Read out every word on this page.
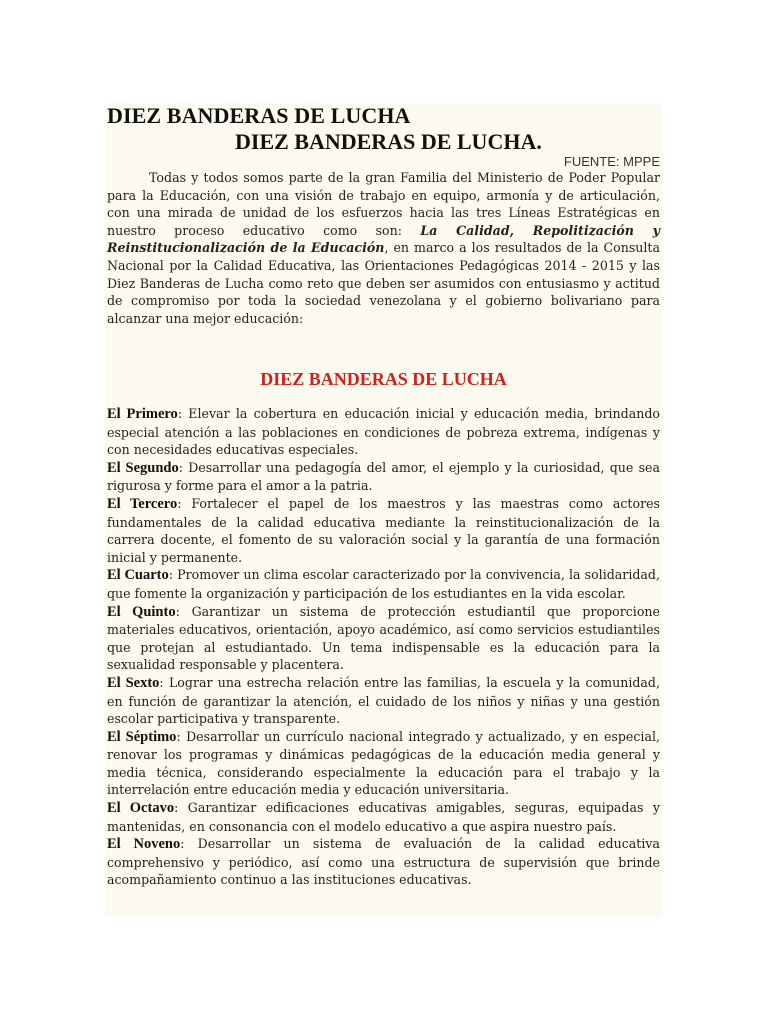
DIEZ BANDERAS DE LUCHA
DIEZ BANDERAS DE LUCHA.

FUENTE: MPPE

Todas y todos somos parte de la gran Familia del Ministerio de Poder Popular para la Educación, con una visión de trabajo en equipo, armonía y de articulación, con una mirada de unidad de los esfuerzos hacia las tres Líneas Estratégicas en nuestro proceso educativo como son: La Calidad, Repolitización y Reinstitucionalización de la Educación, en marco a los resultados de la Consulta Nacional por la Calidad Educativa, las Orientaciones Pedagógicas 2014 - 2015 y las Diez Banderas de Lucha como reto que deben ser asumidos con entusiasmo y actitud de compromiso por toda la sociedad venezolana y el gobierno bolivariano para alcanzar una mejor educación:

DIEZ BANDERAS DE LUCHA

El Primero: Elevar la cobertura en educación inicial y educación media, brindando especial atención a las poblaciones en condiciones de pobreza extrema, indígenas y con necesidades educativas especiales.

El Segundo: Desarrollar una pedagogía del amor, el ejemplo y la curiosidad, que sea rigurosa y forme para el amor a la patria.

El Tercero: Fortalecer el papel de los maestros y las maestras como actores fundamentales de la calidad educativa mediante la reinstitucionalización de la carrera docente, el fomento de su valoración social y la garantía de una formación inicial y permanente.

El Cuarto: Promover un clima escolar caracterizado por la convivencia, la solidaridad, que fomente la organización y participación de los estudiantes en la vida escolar.

El Quinto: Garantizar un sistema de protección estudiantil que proporcione materiales educativos, orientación, apoyo académico, así como servicios estudiantiles que protejan al estudiantado. Un tema indispensable es la educación para la sexualidad responsable y placentera.

El Sexto: Lograr una estrecha relación entre las familias, la escuela y la comunidad, en función de garantizar la atención, el cuidado de los niños y niñas y una gestión escolar participativa y transparente.

El Séptimo: Desarrollar un currículo nacional integrado y actualizado, y en especial, renovar los programas y dinámicas pedagógicas de la educación media general y media técnica, considerando especialmente la educación para el trabajo y la interrelación entre educación media y educación universitaria.

El Octavo: Garantizar edificaciones educativas amigables, seguras, equipadas y mantenidas, en consonancia con el modelo educativo a que aspira nuestro país.

El Noveno: Desarrollar un sistema de evaluación de la calidad educativa comprehensivo y periódico, así como una estructura de supervisión que brinde acompañamiento continuo a las instituciones educativas.
